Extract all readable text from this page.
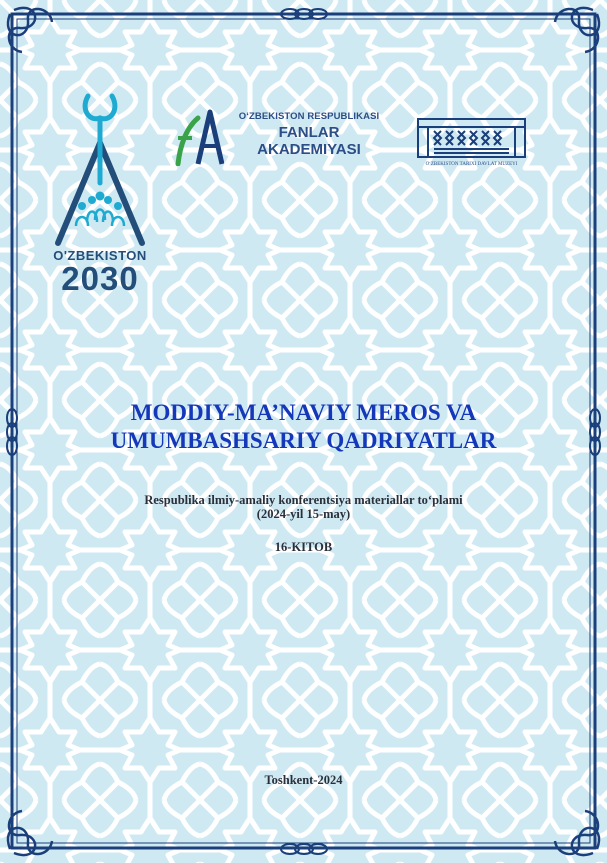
O'ZBEKISTON
2030
O‘ZBEKISTON RESPUBLIKASI
FANLAR
AKADEMIYASI
O‘ZBEKISTON TARIXI DAVLAT MUZEYI
MODDIY-MA’NAVIY MEROS VA
UMUMBASHSARIY QADRIYATLAR
Respublika ilmiy-amaliy konferentsiya materiallar to‘plami
(2024-yil 15-may)
16-KITOB
Toshkent-2024
